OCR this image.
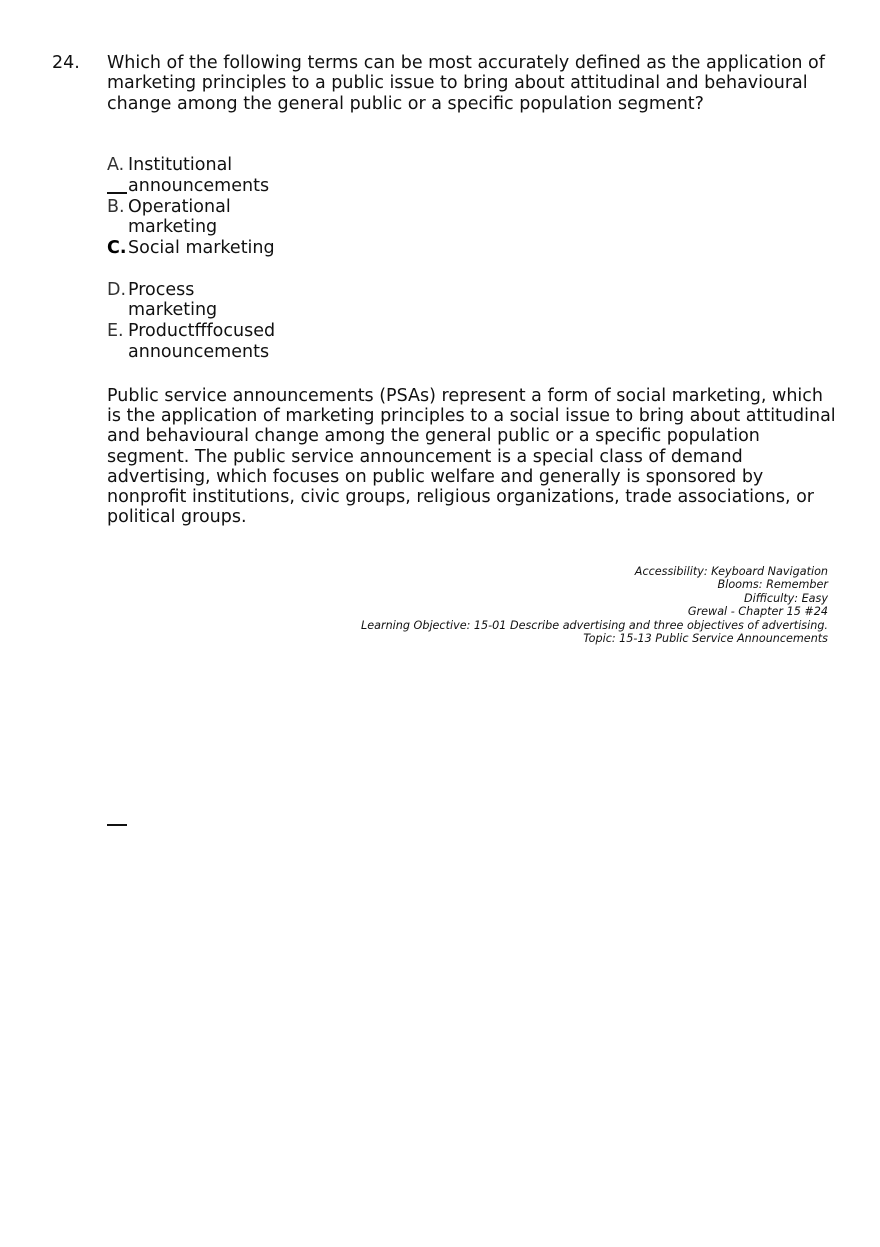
24. Which of the following terms can be most accurately defined as the application of marketing principles to a public issue to bring about attitudinal and behavioural change among the general public or a specific population segment?
A. Institutional announcements
B. Operational marketing
C. Social marketing
D. Process marketing
E. Productfffocused announcements
Public service announcements (PSAs) represent a form of social marketing, which is the application of marketing principles to a social issue to bring about attitudinal and behavioural change among the general public or a specific population segment. The public service announcement is a special class of demand advertising, which focuses on public welfare and generally is sponsored by nonprofit institutions, civic groups, religious organizations, trade associations, or political groups.
Accessibility: Keyboard Navigation
Blooms: Remember
Difficulty: Easy
Grewal - Chapter 15 #24
Learning Objective: 15-01 Describe advertising and three objectives of advertising.
Topic: 15-13 Public Service Announcements
